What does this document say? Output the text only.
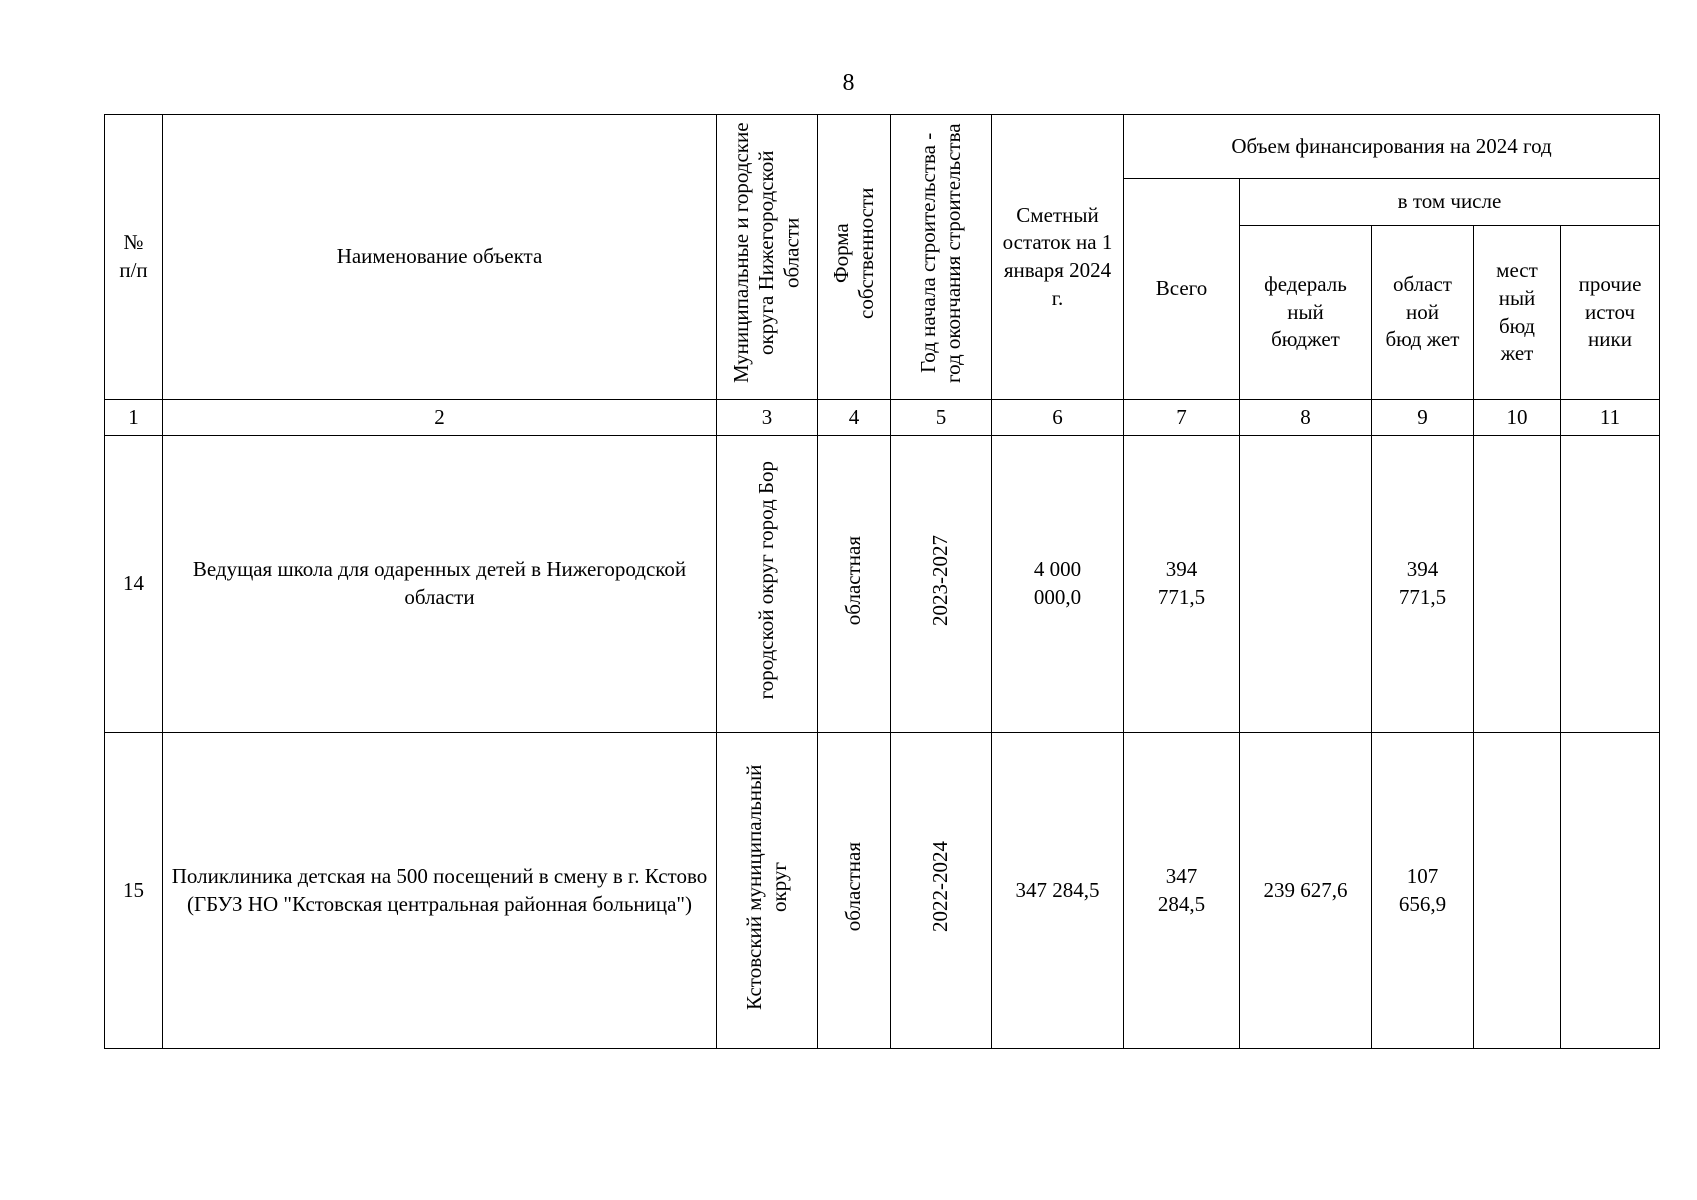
8
№ п/п	Наименование объекта	Муниципальные и городские округа Нижегородской области	Форма собственности	Год начала строительства - год окончания строительства	Сметный остаток на 1 января 2024 г.	Объем финансирования на 2024 год				
						Всего	в том числе			
							федераль ный бюджет	област ной бюд жет	мест ный бюд жет	прочие источ ники
1	2	3	4	5	6	7	8	9	10	11
14	Ведущая школа для одаренных детей в Нижегородской области	городской округ город Бор	областная	2023-2027	4 000 000,0	394 771,5		394 771,5		
15	Поликлиника детская на 500 посещений в смену в г. Кстово (ГБУЗ НО "Кстовская центральная районная больница")	Кстовский муниципальный округ	областная	2022-2024	347 284,5	347 284,5	239 627,6	107 656,9		
